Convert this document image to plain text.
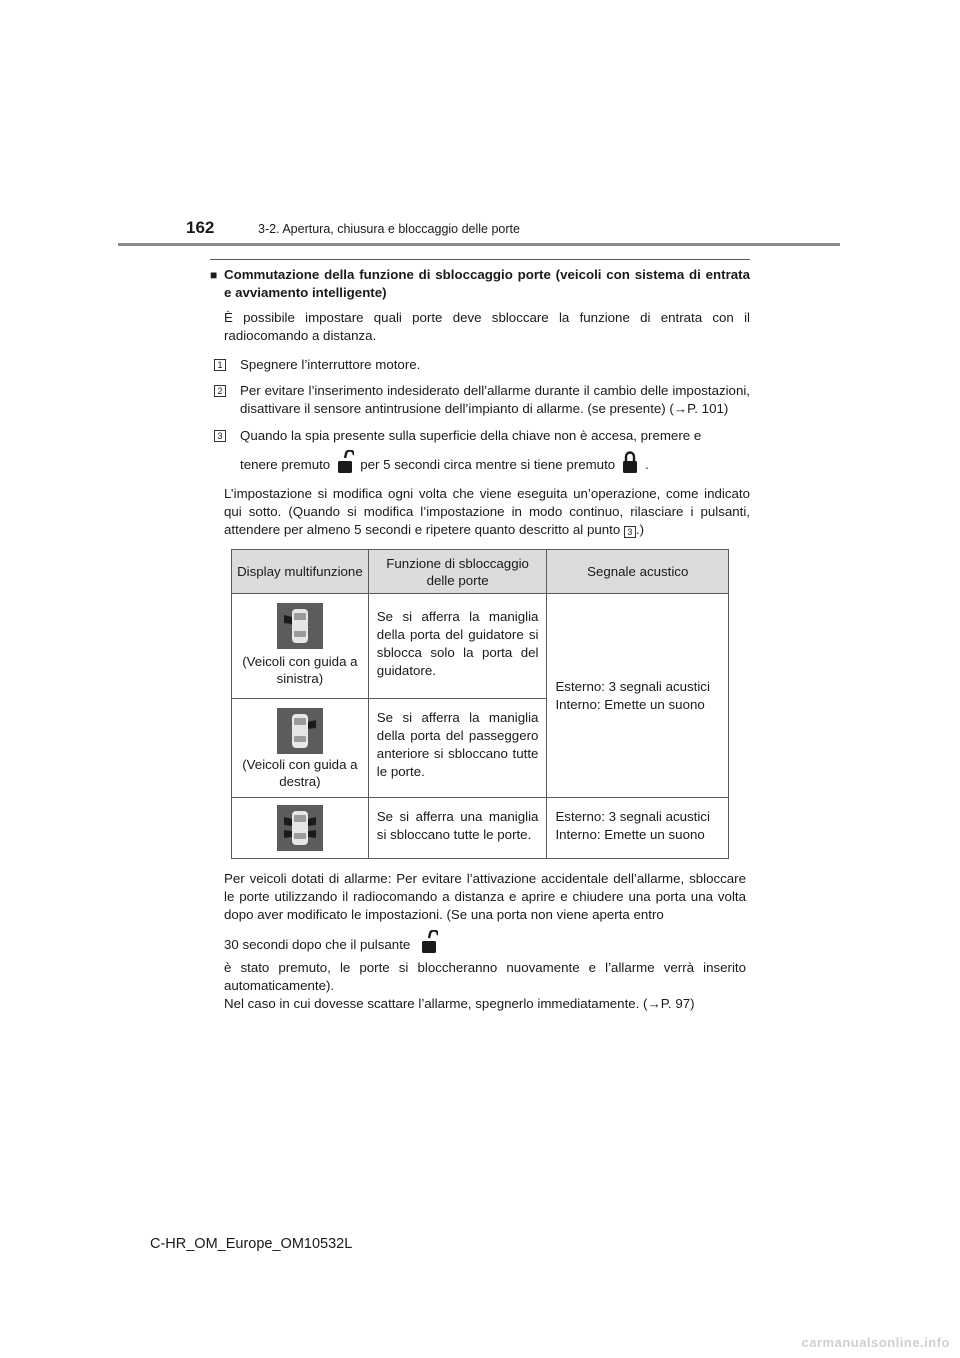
162	3-2. Apertura, chiusura e bloccaggio delle porte
■ Commutazione della funzione di sbloccaggio porte (veicoli con sistema di entrata e avviamento intelligente)

È possibile impostare quali porte deve sbloccare la funzione di entrata con il radiocomando a distanza.

1 Spegnere l’interruttore motore.
2 Per evitare l’inserimento indesiderato dell’allarme durante il cambio delle impostazioni, disattivare il sensore antintrusione dell’impianto di allarme. (se presente) (→P. 101)
3 Quando la spia presente sulla superficie della chiave non è accesa, premere e
tenere premuto per 5 secondi circa mentre si tiene premuto .

L’impostazione si modifica ogni volta che viene eseguita un’operazione, come indicato qui sotto. (Quando si modifica l’impostazione in modo continuo, rilasciare i pulsanti, attendere per almeno 5 secondi e ripetere quanto descritto al punto 3 .)

Display multifunzione	Funzione di sbloccaggio delle porte	Segnale acustico

(Veicoli con guida a sinistra)	Se si afferra la maniglia della porta del guidatore si sblocca solo la porta del guidatore.	Esterno: 3 segnali acustici
Interno: Emette un suono

(Veicoli con guida a destra)	Se si afferra la maniglia della porta del passeggero anteriore si sbloccano tutte le porte.	

	Se si afferra una maniglia si sbloccano tutte le porte.	Esterno: 3 segnali acustici
Interno: Emette un suono
Per veicoli dotati di allarme: Per evitare l’attivazione accidentale dell’allarme, sbloccare le porte utilizzando il radiocomando a distanza e aprire e chiudere una porta una volta dopo aver modificato le impostazioni. (Se una porta non viene aperta entro
30 secondi dopo che il pulsante
è stato premuto, le porte si bloccheranno nuovamente e l’allarme verrà inserito automaticamente).
Nel caso in cui dovesse scattare l’allarme, spegnerlo immediatamente. (→P. 97)
C-HR_OM_Europe_OM10532L
carmanualsonline.info
